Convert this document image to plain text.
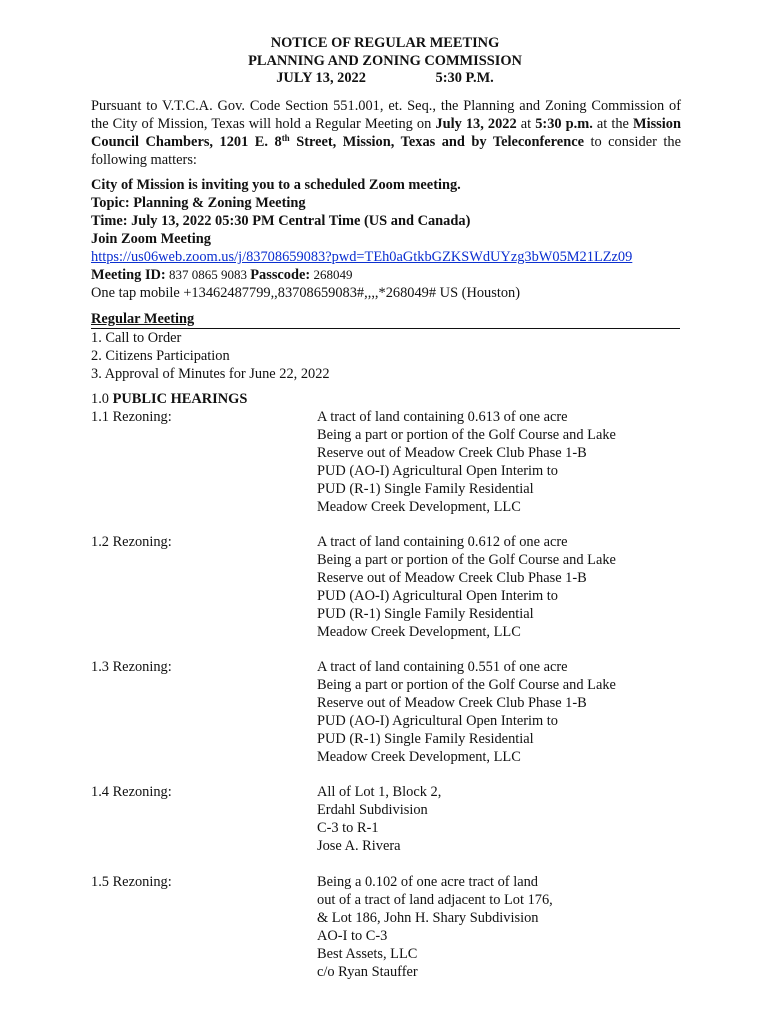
NOTICE OF REGULAR MEETING
PLANNING AND ZONING COMMISSION
JULY 13, 2022	5:30 P.M.
Pursuant to V.T.C.A. Gov. Code Section 551.001, et. Seq., the Planning and Zoning Commission of the City of Mission, Texas will hold a Regular Meeting on July 13, 2022 at 5:30 p.m. at the Mission Council Chambers, 1201 E. 8th Street, Mission, Texas and by Teleconference to consider the following matters:
City of Mission is inviting you to a scheduled Zoom meeting.
Topic: Planning & Zoning Meeting
Time: July 13, 2022 05:30 PM Central Time (US and Canada)
Join Zoom Meeting
https://us06web.zoom.us/j/83708659083?pwd=TEh0aGtkbGZKSWdUYzg3bW05M21LZz09
Meeting ID: 837 0865 9083 Passcode: 268049
One tap mobile +13462487799,,83708659083#,,,,*268049# US (Houston)
Regular Meeting
1. Call to Order
2. Citizens Participation
3. Approval of Minutes for June 22, 2022
1.0 PUBLIC HEARINGS
1.1 Rezoning:	A tract of land containing 0.613 of one acre
Being a part or portion of the Golf Course and Lake
Reserve out of Meadow Creek Club Phase 1-B
PUD (AO-I) Agricultural Open Interim to
PUD (R-1) Single Family Residential
Meadow Creek Development, LLC
1.2 Rezoning:	A tract of land containing 0.612 of one acre
Being a part or portion of the Golf Course and Lake
Reserve out of Meadow Creek Club Phase 1-B
PUD (AO-I) Agricultural Open Interim to
PUD (R-1) Single Family Residential
Meadow Creek Development, LLC
1.3 Rezoning:	A tract of land containing 0.551 of one acre
Being a part or portion of the Golf Course and Lake
Reserve out of Meadow Creek Club Phase 1-B
PUD (AO-I) Agricultural Open Interim to
PUD (R-1) Single Family Residential
Meadow Creek Development, LLC
1.4 Rezoning:	All of Lot 1, Block 2,
Erdahl Subdivision
C-3 to R-1
Jose A. Rivera
1.5 Rezoning:	Being a 0.102 of one acre tract of land
out of a tract of land adjacent to Lot 176,
& Lot 186, John H. Shary Subdivision
AO-I to C-3
Best Assets, LLC
c/o Ryan Stauffer
